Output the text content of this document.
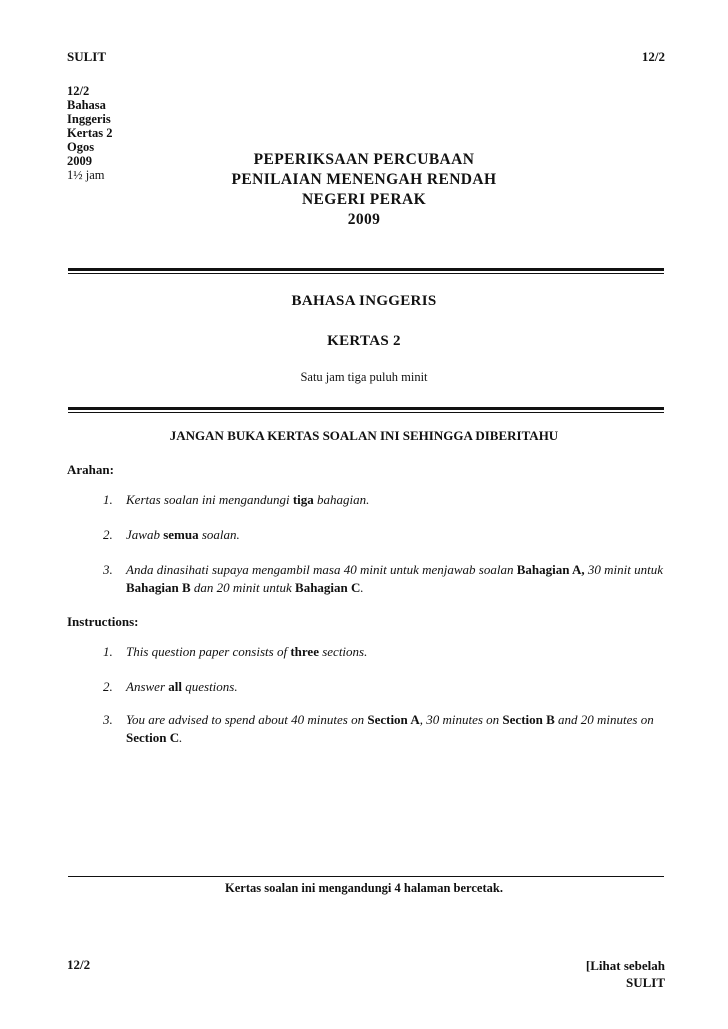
SULIT	12/2
12/2
Bahasa
Inggeris
Kertas 2
Ogos
2009
1½ jam
PEPERIKSAAN PERCUBAAN
PENILAIAN MENENGAH RENDAH
NEGERI PERAK
2009
BAHASA INGGERIS
KERTAS 2
Satu jam tiga puluh minit
JANGAN BUKA KERTAS SOALAN INI SEHINGGA DIBERITAHU
Arahan:
1. Kertas soalan ini mengandungi tiga bahagian.
2. Jawab semua soalan.
3. Anda dinasihati supaya mengambil masa 40 minit untuk menjawab soalan Bahagian A, 30 minit untuk Bahagian B dan 20 minit untuk Bahagian C.
Instructions:
1. This question paper consists of three sections.
2. Answer all questions.
3. You are advised to spend about 40 minutes on Section A, 30 minutes on Section B and 20 minutes on Section C.
Kertas soalan ini mengandungi 4 halaman bercetak.
12/2	[Lihat sebelah
SULIT
